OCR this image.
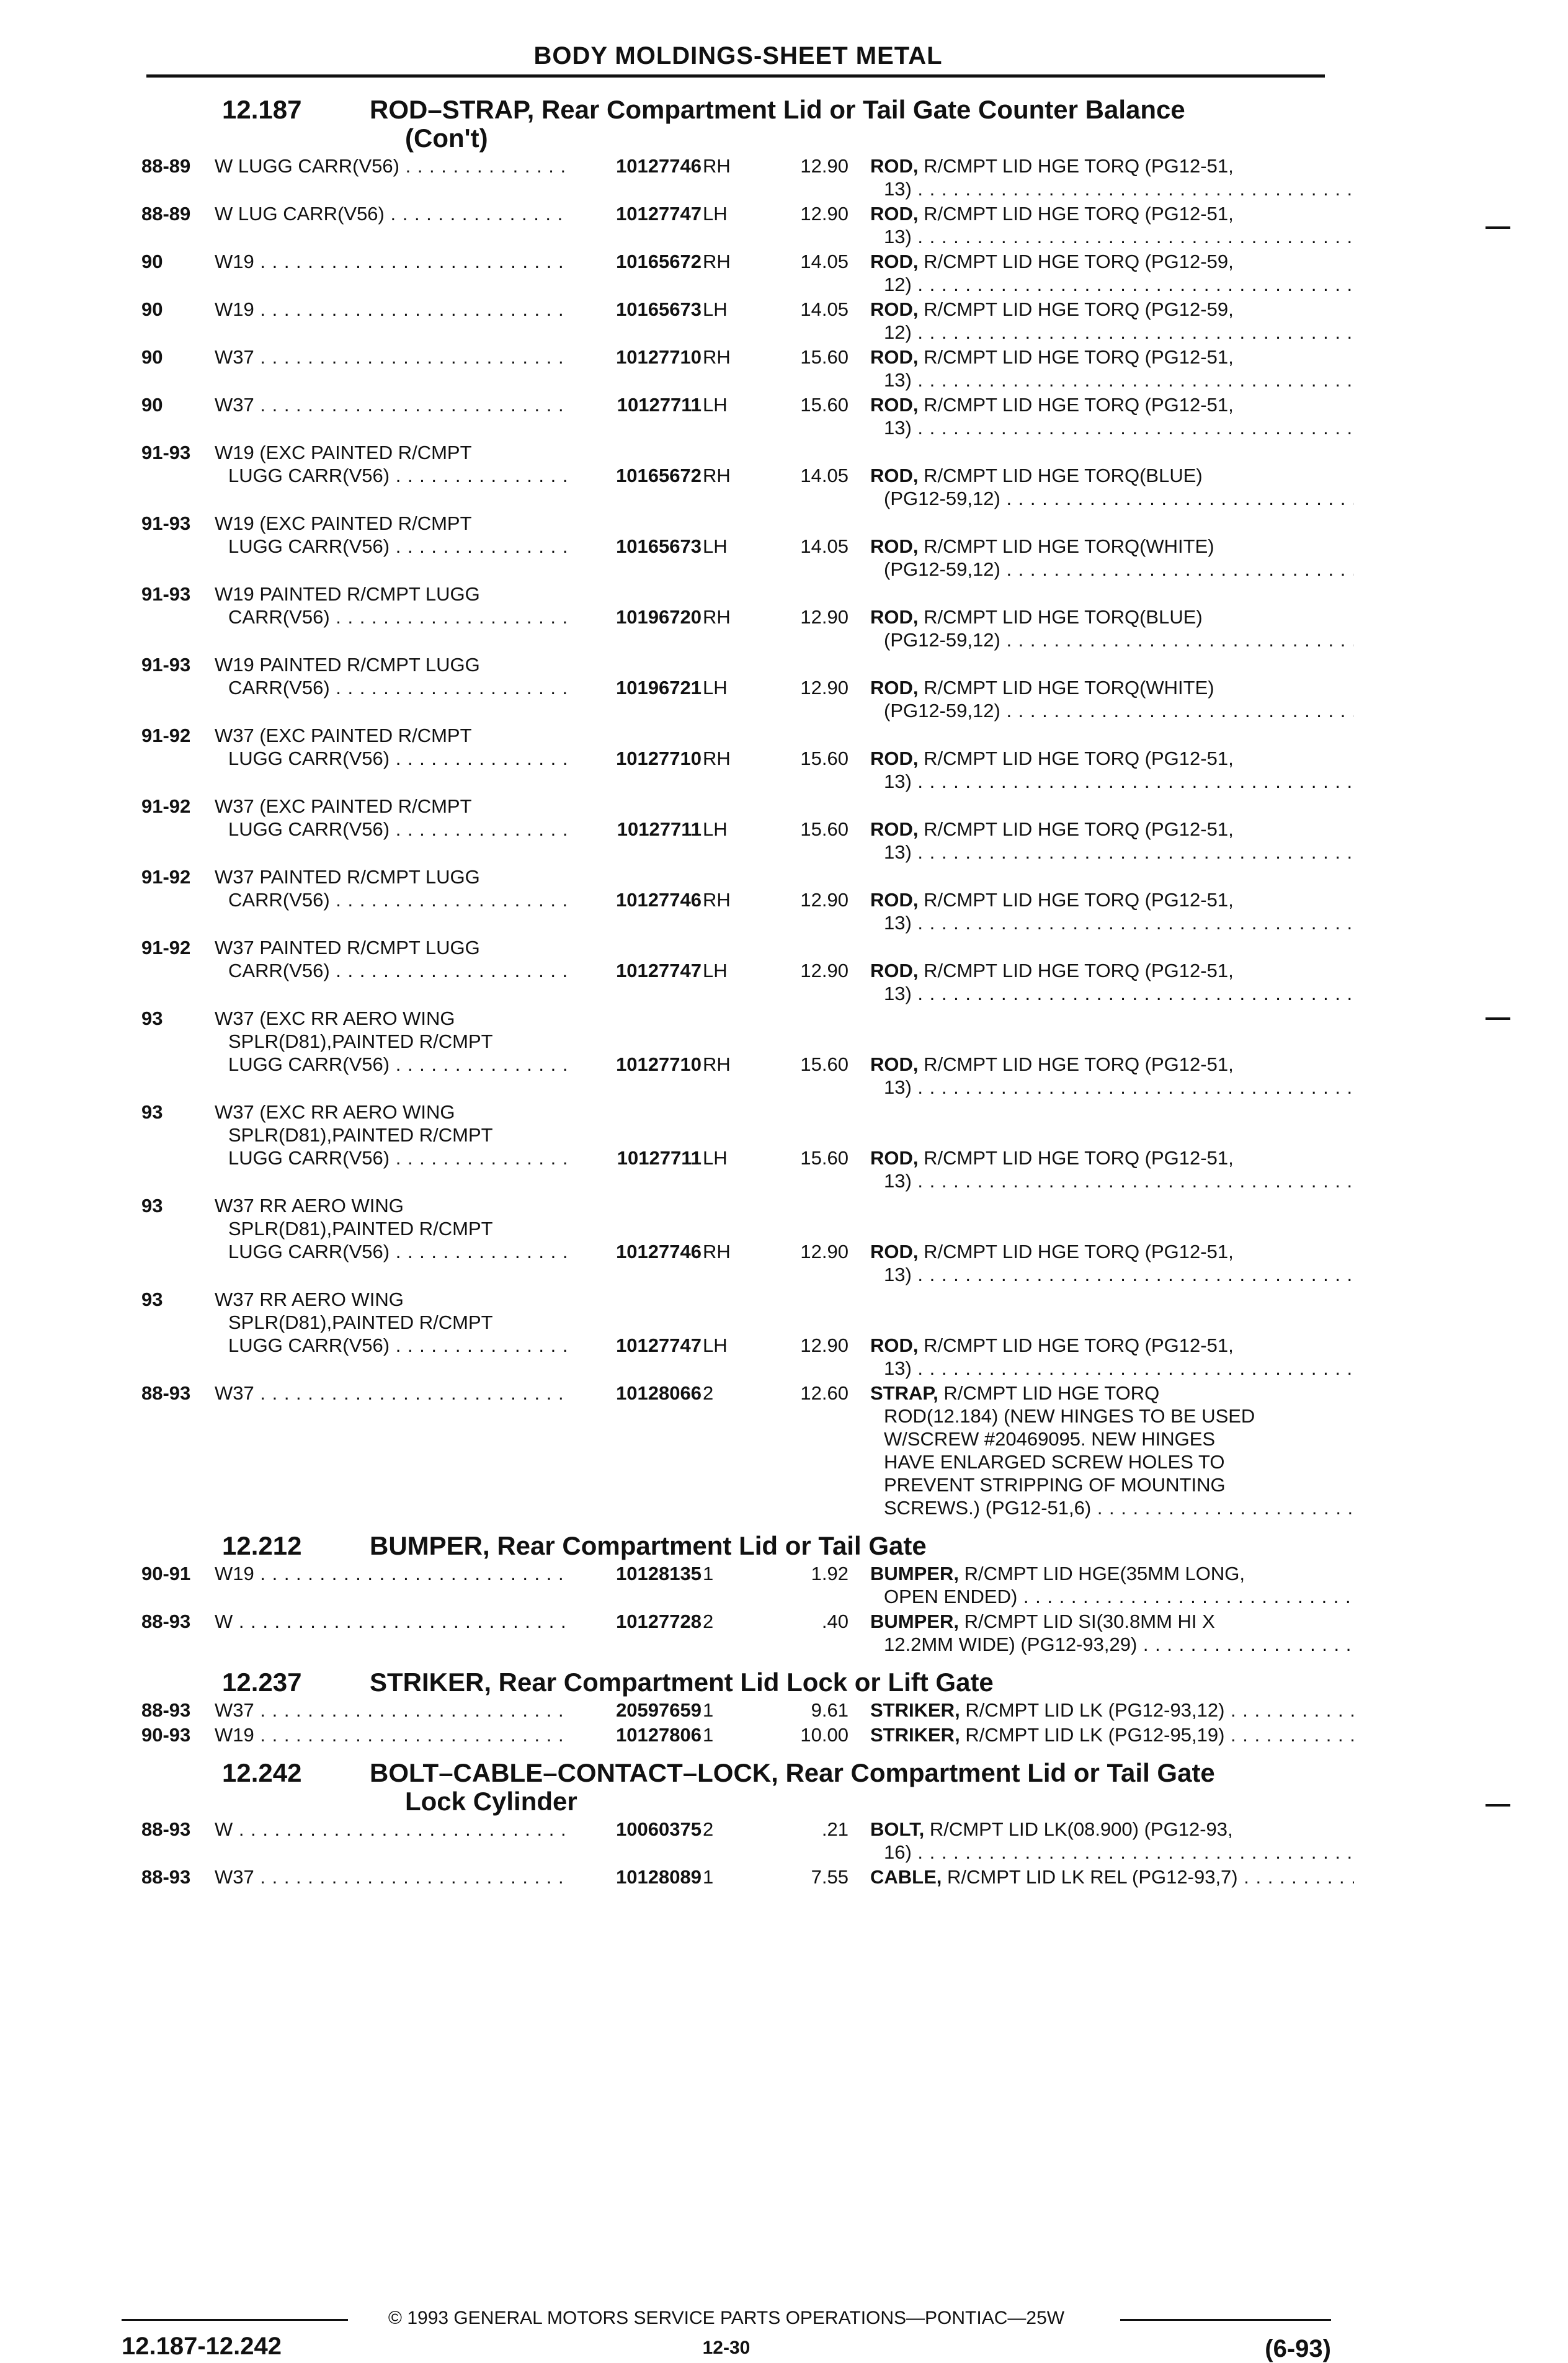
BODY MOLDINGS-SHEET METAL
12.187	ROD–STRAP, Rear Compartment Lid or Tail Gate Counter Balance
(Con't)
88-89 W LUGG CARR(V56) . . .	10127746 RH	12.90 ROD, R/CMPT LID HGE TORQ (PG12-51,
13) . . .
88-89 W LUG CARR(V56) . . .	10127747 LH	12.90 ROD, R/CMPT LID HGE TORQ (PG12-51,
13) . . .
90	W19 . . .	10165672 RH	14.05 ROD, R/CMPT LID HGE TORQ (PG12-59,
12) . . .
90	W19 . . .	10165673 LH	14.05 ROD, R/CMPT LID HGE TORQ (PG12-59,
12) . . .
90	W37 . . .	10127710 RH	15.60 ROD, R/CMPT LID HGE TORQ (PG12-51,
13) . . .
90	W37 . . .	10127711 LH	15.60 ROD, R/CMPT LID HGE TORQ (PG12-51,
13) . . .
91-93 W19 (EXC PAINTED R/CMPT
LUGG CARR(V56) . . .	10165672 RH	14.05 ROD, R/CMPT LID HGE TORQ(BLUE)
(PG12-59,12) . . .
91-93 W19 (EXC PAINTED R/CMPT
LUGG CARR(V56) . . .	10165673 LH	14.05 ROD, R/CMPT LID HGE TORQ(WHITE)
(PG12-59,12) . . .
91-93 W19 PAINTED R/CMPT LUGG
CARR(V56) . . .	10196720 RH	12.90 ROD, R/CMPT LID HGE TORQ(BLUE)
(PG12-59,12) . . .
91-93 W19 PAINTED R/CMPT LUGG
CARR(V56) . . .	10196721 LH	12.90 ROD, R/CMPT LID HGE TORQ(WHITE)
(PG12-59,12) . . .
91-92 W37 (EXC PAINTED R/CMPT
LUGG CARR(V56) . . .	10127710 RH	15.60 ROD, R/CMPT LID HGE TORQ (PG12-51,
13) . . .
91-92 W37 (EXC PAINTED R/CMPT
LUGG CARR(V56) . . .	10127711 LH	15.60 ROD, R/CMPT LID HGE TORQ (PG12-51,
13) . . .
91-92 W37 PAINTED R/CMPT LUGG
CARR(V56) . . .	10127746 RH	12.90 ROD, R/CMPT LID HGE TORQ (PG12-51,
13) . . .
91-92 W37 PAINTED R/CMPT LUGG
CARR(V56) . . .	10127747 LH	12.90 ROD, R/CMPT LID HGE TORQ (PG12-51,
13) . . .
93	W37 (EXC RR AERO WING
SPLR(D81),PAINTED R/CMPT
LUGG CARR(V56) . . .	10127710 RH	15.60 ROD, R/CMPT LID HGE TORQ (PG12-51,
13) . . .
93	W37 (EXC RR AERO WING
SPLR(D81),PAINTED R/CMPT
LUGG CARR(V56) . . .	10127711 LH	15.60 ROD, R/CMPT LID HGE TORQ (PG12-51,
13) . . .
93	W37 RR AERO WING
SPLR(D81),PAINTED R/CMPT
LUGG CARR(V56) . . .	10127746 RH	12.90 ROD, R/CMPT LID HGE TORQ (PG12-51,
13) . . .
93	W37 RR AERO WING
SPLR(D81),PAINTED R/CMPT
LUGG CARR(V56) . . .	10127747 LH	12.90 ROD, R/CMPT LID HGE TORQ (PG12-51,
13) . . .
88-93 W37 . . .	10128066 2	12.60 STRAP, R/CMPT LID HGE TORQ
ROD(12.184) (NEW HINGES TO BE USED
W/SCREW #20469095. NEW HINGES
HAVE ENLARGED SCREW HOLES TO
PREVENT STRIPPING OF MOUNTING
SCREWS.) (PG12-51,6) . . .
12.212	BUMPER, Rear Compartment Lid or Tail Gate
90-91 W19 . . .	10128135 1	1.92 BUMPER, R/CMPT LID HGE(35MM LONG,
OPEN ENDED) . . .
88-93 W . . .	10127728 2	.40 BUMPER, R/CMPT LID SI(30.8MM HI X
12.2MM WIDE) (PG12-93,29) . . .
12.237	STRIKER, Rear Compartment Lid Lock or Lift Gate
88-93 W37 . . .	20597659 1	9.61 STRIKER, R/CMPT LID LK (PG12-93,12) . . .
90-93 W19 . . .	10127806 1	10.00 STRIKER, R/CMPT LID LK (PG12-95,19) . . .
12.242	BOLT–CABLE–CONTACT–LOCK, Rear Compartment Lid or Tail Gate
Lock Cylinder
88-93 W . . .	10060375 2	.21 BOLT, R/CMPT LID LK(08.900) (PG12-93,
16) . . .
88-93 W37 . . .	10128089 1	7.55 CABLE, R/CMPT LID LK REL (PG12-93,7) . . .
© 1993 GENERAL MOTORS SERVICE PARTS OPERATIONS—PONTIAC—25W
12.187-12.242	12-30	(6-93)
